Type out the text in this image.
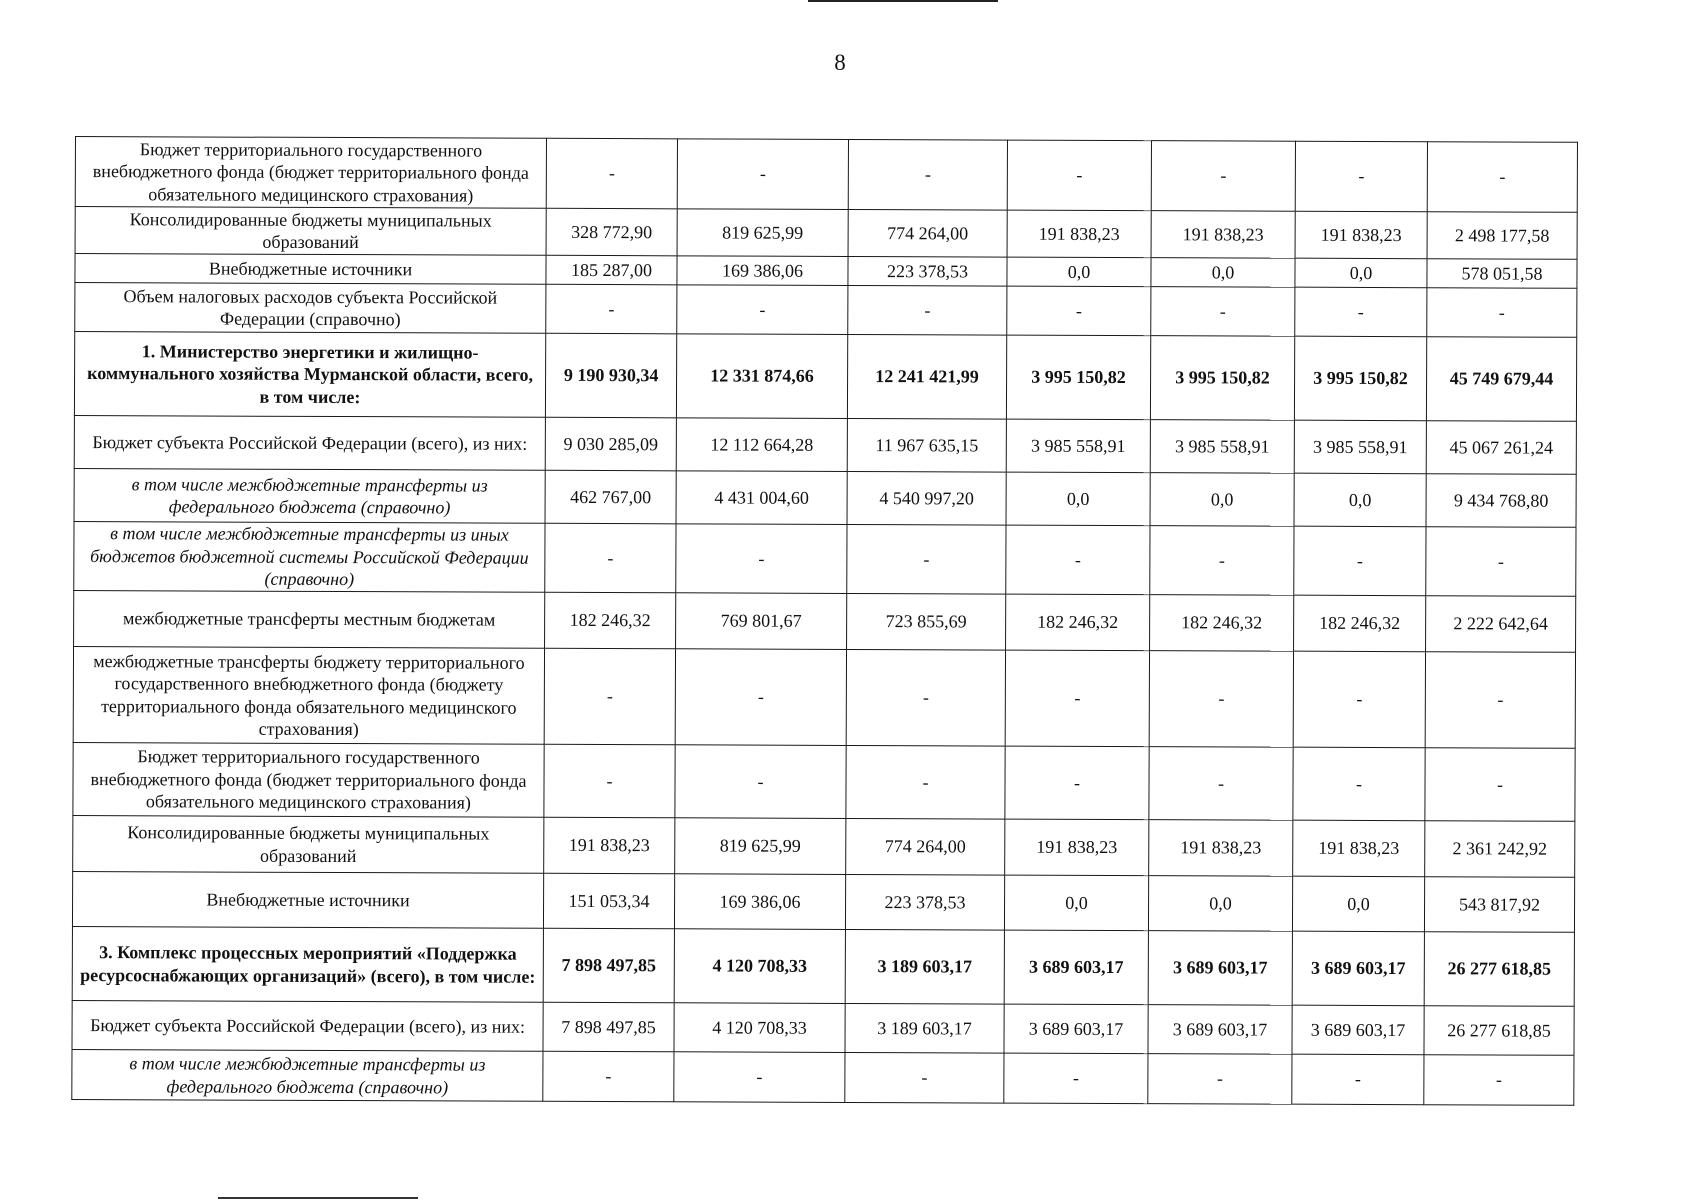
8
Бюджет территориального государственного внебюджетного фонда (бюджет территориального фонда обязательного медицинского страхования)	-	-	-	-	-	-	-
Консолидированные бюджеты муниципальных образований	328 772,90	819 625,99	774 264,00	191 838,23	191 838,23	191 838,23	2 498 177,58
Внебюджетные источники	185 287,00	169 386,06	223 378,53	0,0	0,0	0,0	578 051,58
Объем налоговых расходов субъекта Российской Федерации (справочно)	-	-	-	-	-	-	-
1. Министерство энергетики и жилищно-коммунального хозяйства Мурманской области, всего, в том числе:	9 190 930,34	12 331 874,66	12 241 421,99	3 995 150,82	3 995 150,82	3 995 150,82	45 749 679,44
Бюджет субъекта Российской Федерации (всего), из них:	9 030 285,09	12 112 664,28	11 967 635,15	3 985 558,91	3 985 558,91	3 985 558,91	45 067 261,24
в том числе межбюджетные трансферты из федерального бюджета (справочно)	462 767,00	4 431 004,60	4 540 997,20	0,0	0,0	0,0	9 434 768,80
в том числе межбюджетные трансферты из иных бюджетов бюджетной системы Российской Федерации (справочно)	-	-	-	-	-	-	-
межбюджетные трансферты местным бюджетам	182 246,32	769 801,67	723 855,69	182 246,32	182 246,32	182 246,32	2 222 642,64
межбюджетные трансферты бюджету территориального государственного внебюджетного фонда (бюджету территориального фонда обязательного медицинского страхования)	-	-	-	-	-	-	-
Бюджет территориального государственного внебюджетного фонда (бюджет территориального фонда обязательного медицинского страхования)	-	-	-	-	-	-	-
Консолидированные бюджеты муниципальных образований	191 838,23	819 625,99	774 264,00	191 838,23	191 838,23	191 838,23	2 361 242,92
Внебюджетные источники	151 053,34	169 386,06	223 378,53	0,0	0,0	0,0	543 817,92
3. Комплекс процессных мероприятий «Поддержка ресурсоснабжающих организаций» (всего), в том числе:	7 898 497,85	4 120 708,33	3 189 603,17	3 689 603,17	3 689 603,17	3 689 603,17	26 277 618,85
Бюджет субъекта Российской Федерации (всего), из них:	7 898 497,85	4 120 708,33	3 189 603,17	3 689 603,17	3 689 603,17	3 689 603,17	26 277 618,85
в том числе межбюджетные трансферты из федерального бюджета (справочно)	-	-	-	-	-	-	-
